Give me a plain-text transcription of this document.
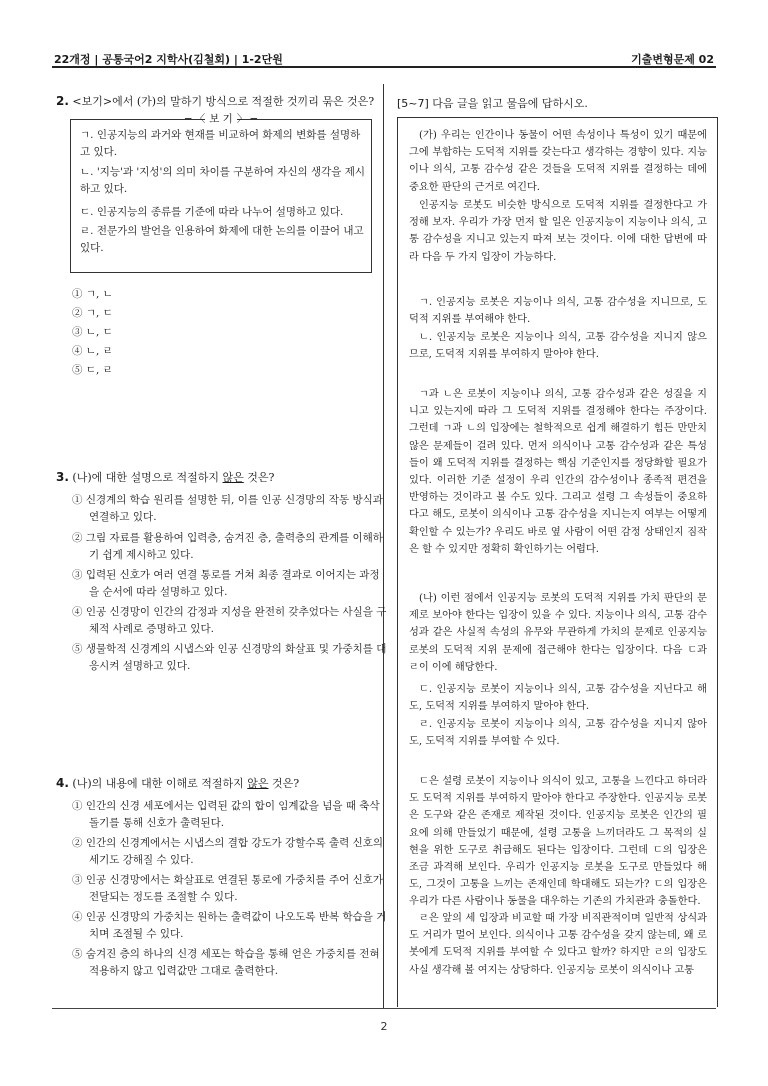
22개정 | 공통국어2 지학사(김철회) | 1-2단원	기출변형문제 02
2. <보기>에서 (가)의 말하기 방식으로 적절한 것끼리 묶은 것은?
─ 〈 보 기 〉 ─
ㄱ. 인공지능의 과거와 현재를 비교하여 화제의 변화를 설명하고 있다.
ㄴ. '지능'과 '지성'의 의미 차이를 구분하여 자신의 생각을 제시하고 있다.
ㄷ. 인공지능의 종류를 기준에 따라 나누어 설명하고 있다.
ㄹ. 전문가의 발언을 인용하여 화제에 대한 논의를 이끌어 내고 있다.
① ㄱ, ㄴ
② ㄱ, ㄷ
③ ㄴ, ㄷ
④ ㄴ, ㄹ
⑤ ㄷ, ㄹ
3. (나)에 대한 설명으로 적절하지 않은 것은?
① 신경계의 학습 원리를 설명한 뒤, 이를 인공 신경망의 작동 방식과 연결하고 있다.
② 그림 자료를 활용하여 입력층, 숨겨진 층, 출력층의 관계를 이해하기 쉽게 제시하고 있다.
③ 입력된 신호가 여러 연결 통로를 거쳐 최종 결과로 이어지는 과정을 순서에 따라 설명하고 있다.
④ 인공 신경망이 인간의 감정과 지성을 완전히 갖추었다는 사실을 구체적 사례로 증명하고 있다.
⑤ 생물학적 신경계의 시냅스와 인공 신경망의 화살표 및 가중치를 대응시켜 설명하고 있다.
4. (나)의 내용에 대한 이해로 적절하지 않은 것은?
① 인간의 신경 세포에서는 입력된 값의 합이 임계값을 넘을 때 축삭 돌기를 통해 신호가 출력된다.
② 인간의 신경계에서는 시냅스의 결합 강도가 강할수록 출력 신호의 세기도 강해질 수 있다.
③ 인공 신경망에서는 화살표로 연결된 통로에 가중치를 주어 신호가 전달되는 정도를 조절할 수 있다.
④ 인공 신경망의 가중치는 원하는 출력값이 나오도록 반복 학습을 거치며 조절될 수 있다.
⑤ 숨겨진 층의 하나의 신경 세포는 학습을 통해 얻은 가중치를 전혀 적용하지 않고 입력값만 그대로 출력한다.
[5~7] 다음 글을 읽고 물음에 답하시오.
(가) 우리는 인간이나 동물이 어떤 속성이나 특성이 있기 때문에 그에 부합하는 도덕적 지위를 갖는다고 생각하는 경향이 있다. 지능이나 의식, 고통 감수성 같은 것들을 도덕적 지위를 결정하는 데에 중요한 판단의 근거로 여긴다.
인공지능 로봇도 비슷한 방식으로 도덕적 지위를 결정한다고 가정해 보자. 우리가 가장 먼저 할 일은 인공지능이 지능이나 의식, 고통 감수성을 지니고 있는지 따져 보는 것이다. 이에 대한 답변에 따라 다음 두 가지 입장이 가능하다.
ㄱ. 인공지능 로봇은 지능이나 의식, 고통 감수성을 지니므로, 도덕적 지위를 부여해야 한다.
ㄴ. 인공지능 로봇은 지능이나 의식, 고통 감수성을 지니지 않으므로, 도덕적 지위를 부여하지 말아야 한다.
ㄱ과 ㄴ은 로봇이 지능이나 의식, 고통 감수성과 같은 성질을 지니고 있는지에 따라 그 도덕적 지위를 결정해야 한다는 주장이다. 그런데 ㄱ과 ㄴ의 입장에는 철학적으로 쉽게 해결하기 힘든 만만치 않은 문제들이 걸려 있다. 먼저 의식이나 고통 감수성과 같은 특성들이 왜 도덕적 지위를 결정하는 핵심 기준인지를 정당화할 필요가 있다. 이러한 기준 설정이 우리 인간의 감수성이나 종족적 편견을 반영하는 것이라고 볼 수도 있다. 그리고 설령 그 속성들이 중요하다고 해도, 로봇이 의식이나 고통 감수성을 지니는지 여부는 어떻게 확인할 수 있는가? 우리도 바로 옆 사람이 어떤 감정 상태인지 짐작은 할 수 있지만 정확히 확인하기는 어렵다.
(나) 이런 점에서 인공지능 로봇의 도덕적 지위를 가치 판단의 문제로 보아야 한다는 입장이 있을 수 있다. 지능이나 의식, 고통 감수성과 같은 사실적 속성의 유무와 무관하게 가치의 문제로 인공지능 로봇의 도덕적 지위 문제에 접근해야 한다는 입장이다. 다음 ㄷ과 ㄹ이 이에 해당한다.
ㄷ. 인공지능 로봇이 지능이나 의식, 고통 감수성을 지닌다고 해도, 도덕적 지위를 부여하지 말아야 한다.
ㄹ. 인공지능 로봇이 지능이나 의식, 고통 감수성을 지니지 않아도, 도덕적 지위를 부여할 수 있다.
ㄷ은 설령 로봇이 지능이나 의식이 있고, 고통을 느낀다고 하더라도 도덕적 지위를 부여하지 말아야 한다고 주장한다. 인공지능 로봇은 도구와 같은 존재로 제작된 것이다. 인공지능 로봇은 인간의 필요에 의해 만들었기 때문에, 설령 고통을 느끼더라도 그 목적의 실현을 위한 도구로 취급해도 된다는 입장이다. 그런데 ㄷ의 입장은 조금 과격해 보인다. 우리가 인공지능 로봇을 도구로 만들었다 해도, 그것이 고통을 느끼는 존재인데 학대해도 되는가? ㄷ의 입장은 우리가 다른 사람이나 동물을 대우하는 기존의 가치관과 충돌한다.
ㄹ은 앞의 세 입장과 비교할 때 가장 비직관적이며 일반적 상식과도 거리가 멀어 보인다. 의식이나 고통 감수성을 갖지 않는데, 왜 로봇에게 도덕적 지위를 부여할 수 있다고 할까? 하지만 ㄹ의 입장도 사실 생각해 볼 여지는 상당하다. 인공지능 로봇이 의식이나 고통
2
